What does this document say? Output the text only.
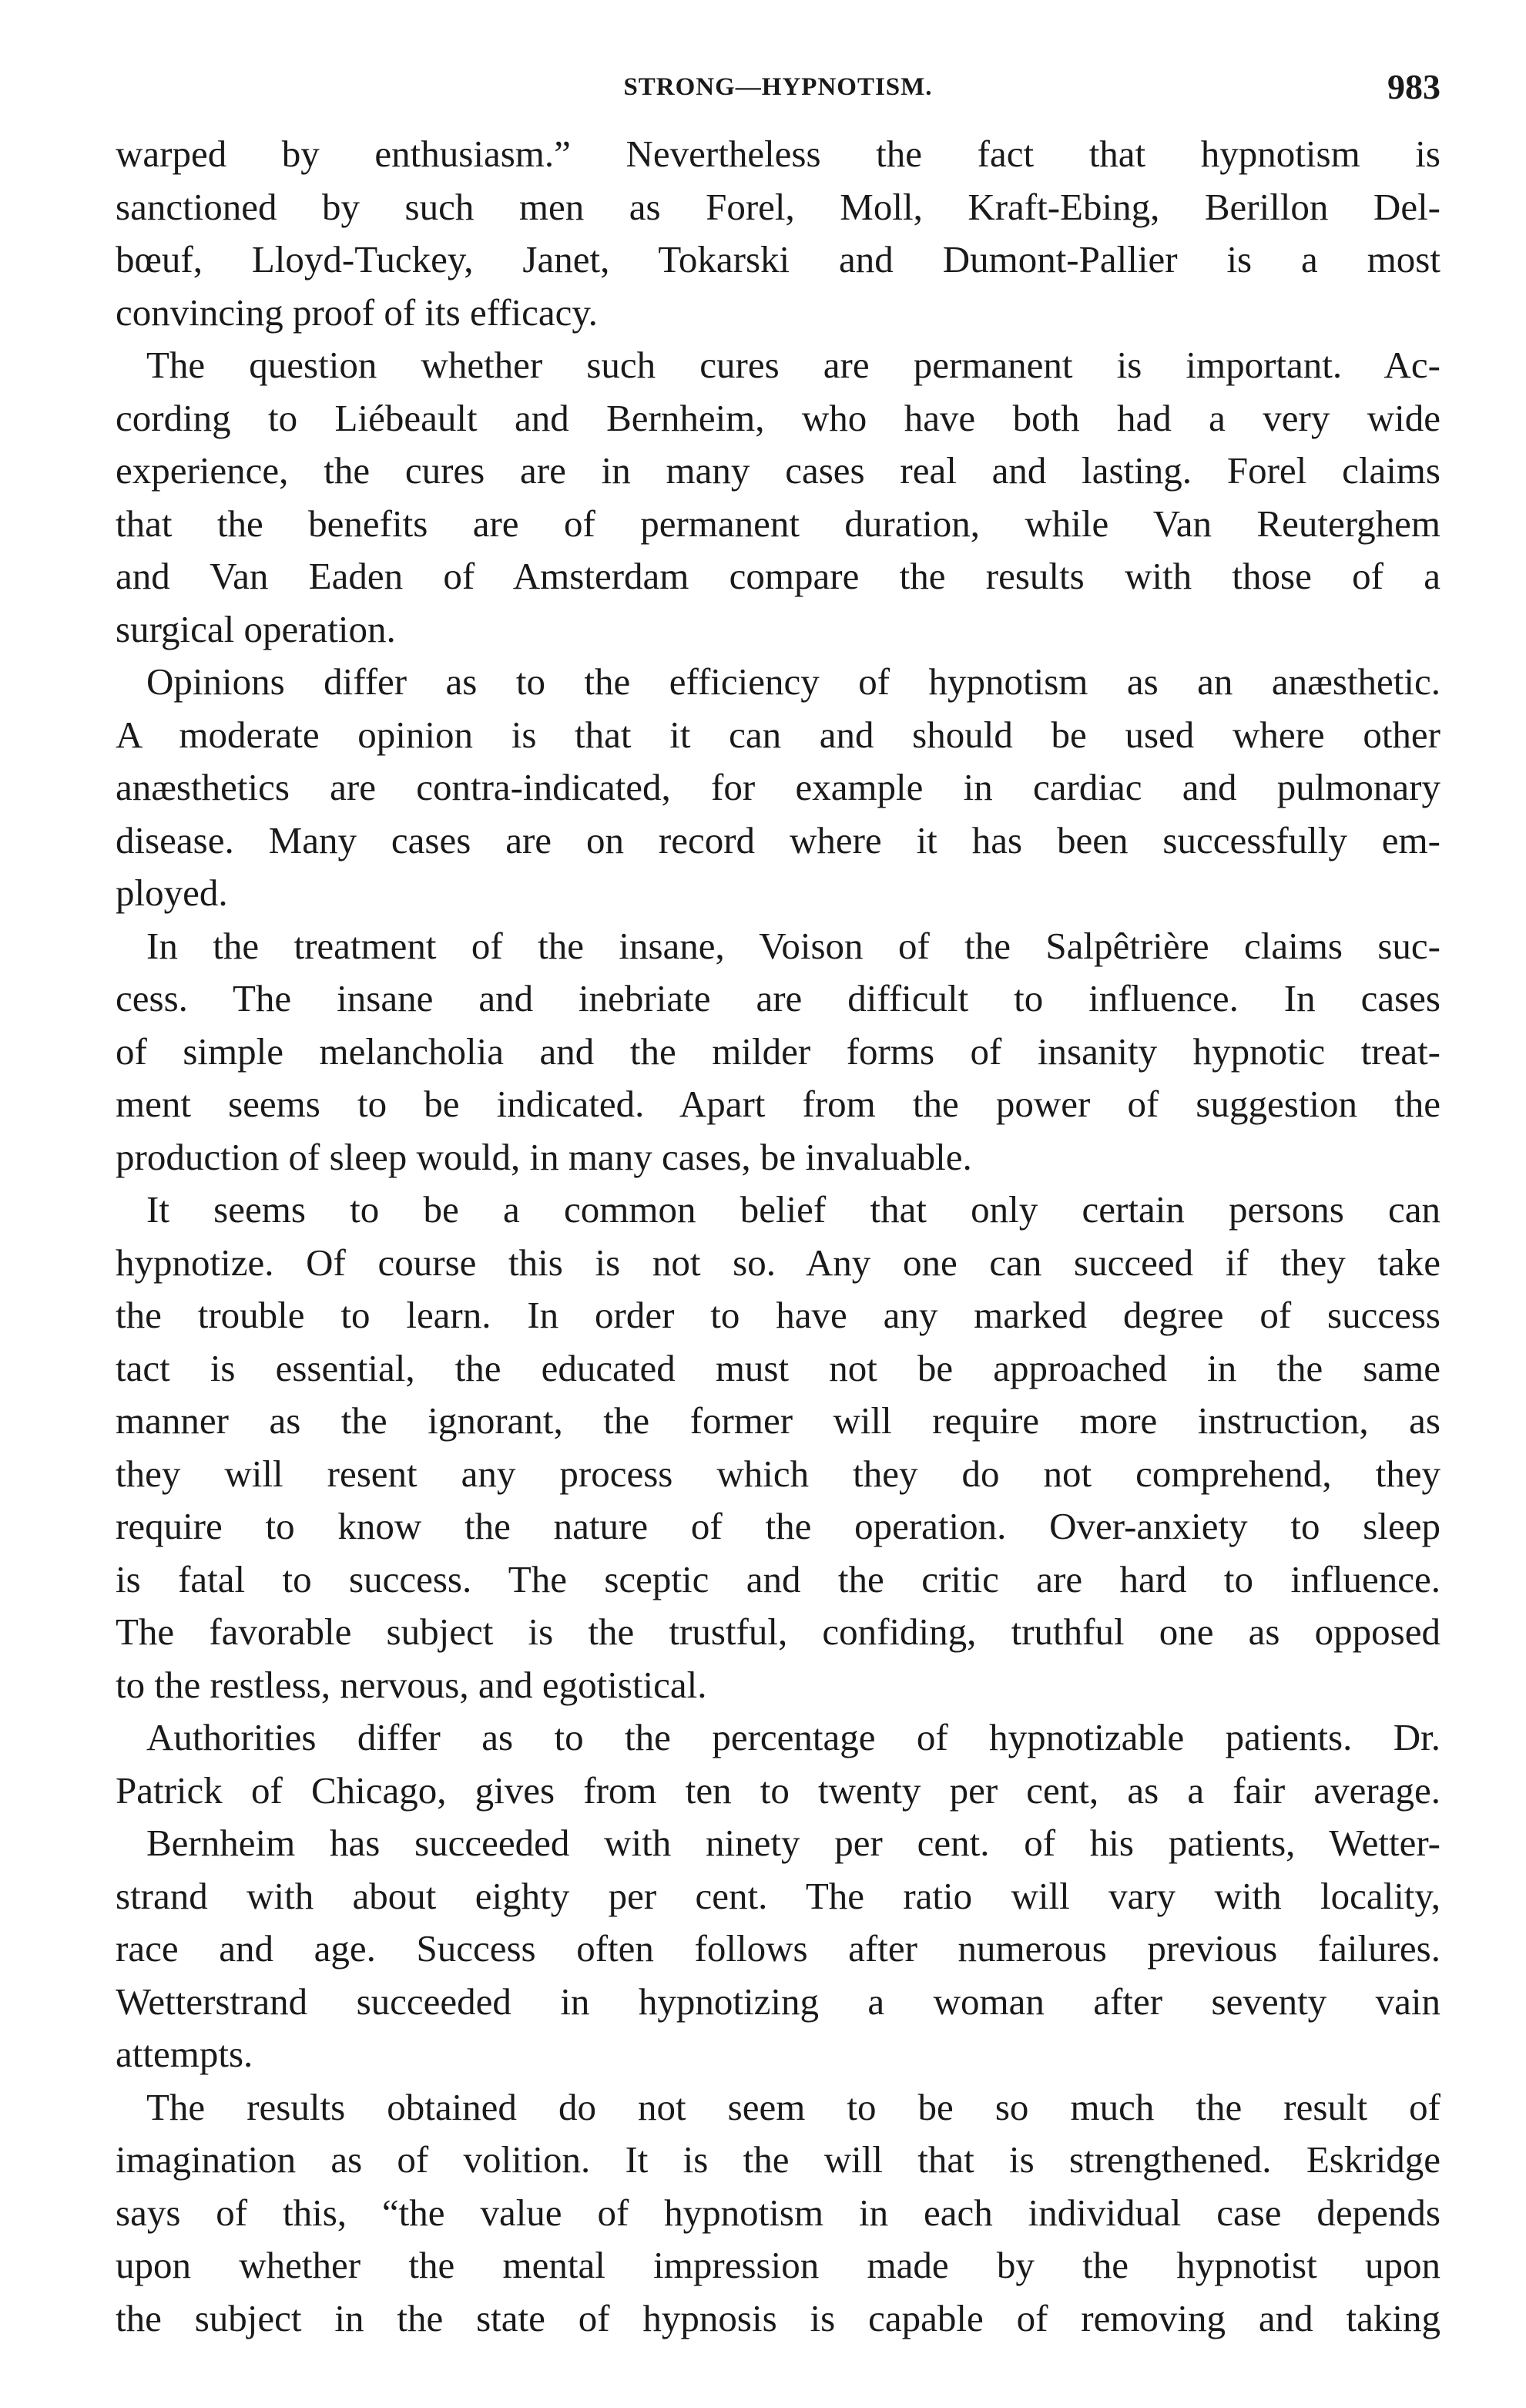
STRONG—HYPNOTISM.	983
warped by enthusiasm.” Nevertheless the fact that hypnotism is
sanctioned by such men as Forel, Moll, Kraft-Ebing, Berillon Del-
bœuf, Lloyd-Tuckey, Janet, Tokarski and Dumont-Pallier is a most
convincing proof of its efficacy.
The question whether such cures are permanent is important. Ac-
cording to Liébeault and Bernheim, who have both had a very wide
experience, the cures are in many cases real and lasting. Forel claims
that the benefits are of permanent duration, while Van Reuterghem
and Van Eaden of Amsterdam compare the results with those of a
surgical operation.
Opinions differ as to the efficiency of hypnotism as an anæsthetic.
A moderate opinion is that it can and should be used where other
anæsthetics are contra-indicated, for example in cardiac and pulmonary
disease. Many cases are on record where it has been successfully em-
ployed.
In the treatment of the insane, Voison of the Salpêtrière claims suc-
cess. The insane and inebriate are difficult to influence. In cases
of simple melancholia and the milder forms of insanity hypnotic treat-
ment seems to be indicated. Apart from the power of suggestion the
production of sleep would, in many cases, be invaluable.
It seems to be a common belief that only certain persons can
hypnotize. Of course this is not so. Any one can succeed if they take
the trouble to learn. In order to have any marked degree of success
tact is essential, the educated must not be approached in the same
manner as the ignorant, the former will require more instruction, as
they will resent any process which they do not comprehend, they
require to know the nature of the operation. Over-anxiety to sleep
is fatal to success. The sceptic and the critic are hard to influence.
The favorable subject is the trustful, confiding, truthful one as opposed
to the restless, nervous, and egotistical.
Authorities differ as to the percentage of hypnotizable patients. Dr.
Patrick of Chicago, gives from ten to twenty per cent, as a fair average.
Bernheim has succeeded with ninety per cent. of his patients, Wetter-
strand with about eighty per cent. The ratio will vary with locality,
race and age. Success often follows after numerous previous failures.
Wetterstrand succeeded in hypnotizing a woman after seventy vain
attempts.
The results obtained do not seem to be so much the result of
imagination as of volition. It is the will that is strengthened. Eskridge
says of this, “the value of hypnotism in each individual case depends
upon whether the mental impression made by the hypnotist upon
the subject in the state of hypnosis is capable of removing and taking
